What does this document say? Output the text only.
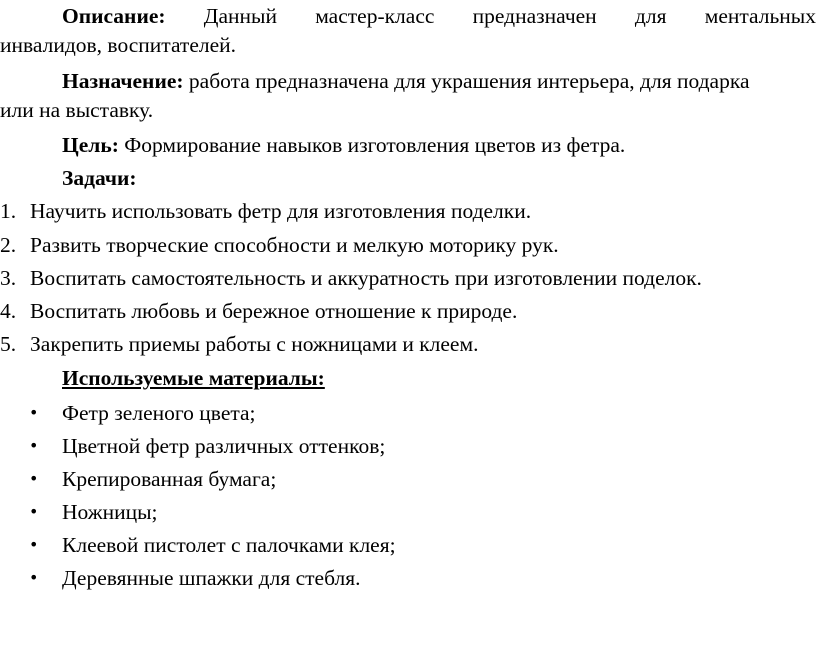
Описание: Данный мастер-класс предназначен для ментальных
инвалидов, воспитателей.
Назначение: работа предназначена для украшения интерьера, для подарка
или на выставку.
Цель: Формирование навыков изготовления цветов из фетра.
Задачи:
1. Научить использовать фетр для изготовления поделки.
2. Развить творческие способности и мелкую моторику рук.
3. Воспитать самостоятельность и аккуратность при изготовлении поделок.
4. Воспитать любовь и бережное отношение к природе.
5. Закрепить приемы работы с ножницами и клеем.
Используемые материалы:
• Фетр зеленого цвета;
• Цветной фетр различных оттенков;
• Крепированная бумага;
• Ножницы;
• Клеевой пистолет с палочками клея;
• Деревянные шпажки для стебля.
